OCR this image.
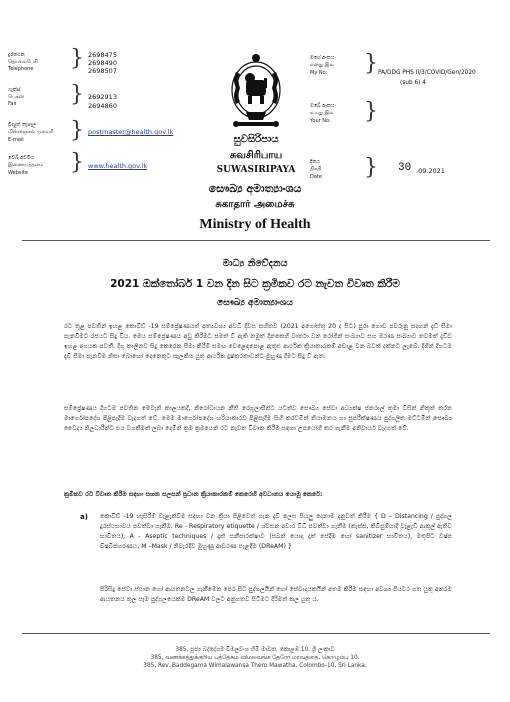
දුරකථන
தொலைபேசி
Telephone } 2698475
2698490
2698507
ෆැක්ස්
பெக்ஸ்
Fax } 2692913
2694860
විද්‍යුත් තැපෑල
மின்னஞ்சல் முகவரி
E-mail } postmaster@health.gov.lk
වෙබ් අඩවිය
இணையத்தளம்
Website } www.health.gov.lk
සුවසිරිපාය
சுவசிரிபாய
SUWASIRIPAYA
මගේ අංකය
எனது இல
My No: } PA/DDG PHS II/3/COVID/Gen/2020
(sub 6) 4
ඔබේ අංකය
உமது இல
Your No: }
දිනය
திகதி
Date } 30 .09.2021
සෞඛ්‍ය අමාත්‍යාංශය
சுகாதார் அமைச்சு
Ministry of Health
මාධ්‍ය නිවේදනය
2021 ඔක්තෝබර් 1 වන දින සිට ක්‍රමිකව රට නැවත විවෘත කිරීම
සෞඛ්‍ය අමාත්‍යාංශය
රට තුළ පවතින් ඉහළ කොවිඩ් -19 සම්ප්‍රේෂණයත් අත්‍යවශ්‍ය අවධි දිවස සහිතව (2021 අගෝස්තු 20 ද සිට) පුරා ගොඩ පවරුනු සදහන් දැඩි සීමා පැනවීමට රජයට සිදු විය. මෙය සම්ප්‍රේෂණය අඩු කිරීමට සමත් වී ඇති නමුත් දිනකෙහි වාර්තා වන රෝගීන් සංඛ්‍යාව සහ මරණ සංඛ්‍යාව තවමත් දැඩිව ඉහළ අගයක පවතී. දිගු කාලීනව සිදු කෙරෙන සීමා කිරීම් සමඟ වෙළෙඳපොළ ඇතුළු ආර්ථික ක්‍රියාකාරකම් අඩාළ වන බවත් දක්නට ලැබේ. දිගින් දිගටම දැඩි සීමා පැනවීම නිසා බොහෝ දෙනෙකුට සැලකිය යුතු ආර්ථික දුෂ්කරතාවන්ට මුහුණ දීමට සිදු වී ඇත.
සම්ප්‍රේෂණය දිගටම පවතින මෙවැනි කාලයකදී, නිරෝධායන නීති රෙගුලාසීන්ට යටත්ව සෞඛ්‍ය සේවා අධ්‍යක්ෂ ජනරාල් තුමා විසින් නිකුත් කරන මාර්ගෝපදේශ පිළිපැදීම වැදගත් වේ. මෙම මාර්ගෝපදේශ හරියාකාරව පිළිපැදීම සිහි කරවමින් නියාමනය හා සුපරීක්ෂණය පුද්ගලික මට්ටමින් සෞඛ්‍ය වෛද්‍ය නිලධාරීන්ට එය වගකීමක් ලබා දෙමින් ක්‍රම ක්‍රමයෙන් රට නැවත විවෘත කිරීම සඳහා උපයෝගී කර ගැනීම අනිවාර්ය වැදගත් වේ.
ක්‍රමිකව රට විවෘත කිරීම සඳහා සහන සලසන් ප්‍රධාන ක්‍රියාකාරකම් කෙරෙහි අවධානය යොමු කෙරේ:
a) කොවිඩ් -19 හැසිරීම් වැළැක්වීම සඳහා වන ක්‍රියා පිළිවෙත් ගැන දැඩි ලෙස සියලු දෙනාම දැනුවත් කිරීම { D – Distancing / පුද්ගල දුරස්ථභාවය පවත්වා ගැනීම, Re - Respiratory etiquette / ශ්වසන අවාර විධි පවත්වා ගැනීම (කැස්ස, කිවිසුම්යාදී වැළැඩී ආකුල් ඇතිව භාවිතය), A - Aseptic techniques / දෑත් සනීපාරක්ෂාව (සබන් යොදා දෑත් සේදීම හෝ sanitizer භාවිතය), මතුපිට වෂ්ප විෂබීජහරණය, M –Mask / නිවැරදිව මුහුණු ආවරණ පැළඳීම (DReAM) }
පිරිසිදු සේවා ස්ථාන හෝ ආයතනවල ගැනීමෙන පෙර සිට පුද්ගලයින් හෝ සේවාදායකයින් අතම කිරීම සඳහා අවශ්‍ය පියවර ගත යුතු අතරම ආයතනය තුල සෑම පුද්ගලයෙක්ම DReAM වලට අනුගතව සිටීමට දිරිමත් කල යුතු ය.
385, පූජ්‍ය බද්දේගම විමලවංශ හිමි මාවත, කොළඹ 10. ශ්‍රී ලංකාව
385, வணக்கத்துக்குரிய பத்தேகம விமலவங்ச தேரோ மாவத்தை, கொழும்பு 10.
385, Rev. Baddegama Wimalawansa Thero Mawatha, Colombo-10, Sri Lanka.
